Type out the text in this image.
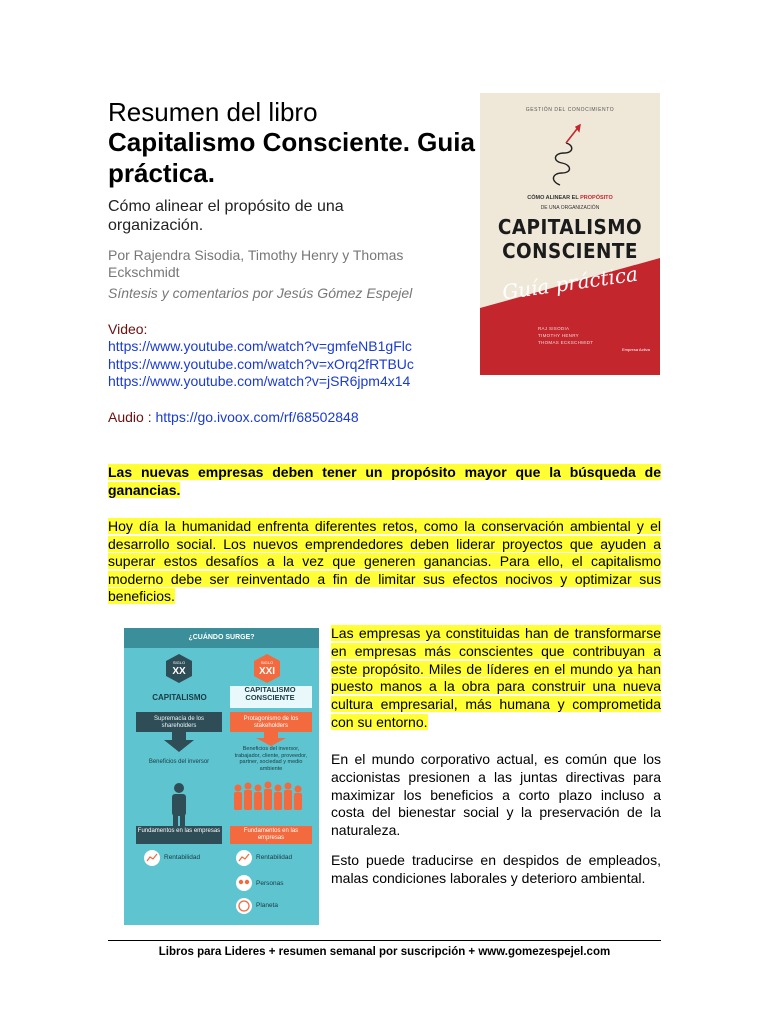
Resumen del libro
Capitalismo Consciente. Guia práctica.
Cómo alinear el propósito de una organización.
Por Rajendra Sisodia, Timothy Henry y Thomas Eckschmidt
Síntesis y comentarios por Jesús Gómez Espejel
Video:
https://www.youtube.com/watch?v=gmfeNB1gFlc
https://www.youtube.com/watch?v=xOrq2fRTBUc
https://www.youtube.com/watch?v=jSR6jpm4x14
Audio : https://go.ivoox.com/rf/68502848
GESTIÓN DEL CONOCIMIENTO
CÓMO ALINEAR EL PROPÓSITO
DE UNA ORGANIZACIÓN
CAPITALISMO
CONSCIENTE
Guía práctica
RAJ SISODIA
TIMOTHY HENRY
THOMAS ECKSCHMIDT
Empresa Activa
Las nuevas empresas deben tener un propósito mayor que la búsqueda de ganancias.
Hoy día la humanidad enfrenta diferentes retos, como la conservación ambiental y el desarrollo social. Los nuevos emprendedores deben liderar proyectos que ayuden a superar estos desafíos a la vez que generen ganancias. Para ello, el capitalismo moderno debe ser reinventado a fin de limitar sus efectos nocivos y optimizar sus beneficios.
Las empresas ya constituidas han de transformarse en empresas más conscientes que contribuyan a este propósito. Miles de líderes en el mundo ya han puesto manos a la obra para construir una nueva cultura empresarial, más humana y comprometida con su entorno.
En el mundo corporativo actual, es común que los accionistas presionen a las juntas directivas para maximizar los beneficios a corto plazo incluso a costa del bienestar social y la preservación de la naturaleza.
Esto puede traducirse en despidos de empleados, malas condiciones laborales y deterioro ambiental.
¿CUÁNDO SURGE?
SIGLO
XX
SIGLO
XXI
CAPITALISMO
CAPITALISMO CONSCIENTE
Supremacía de los shareholders
Protagonismo de los stakeholders
Beneficios del inversor
Beneficios del inversor, trabajador, cliente, proveedor, partner, sociedad y medio ambiente
Fundamentos en las empresas	Fundamentos en las empresas
Rentabilidad	Rentabilidad
Personas
Planeta
Libros para Lideres + resumen semanal por suscripción + www.gomezespejel.com
